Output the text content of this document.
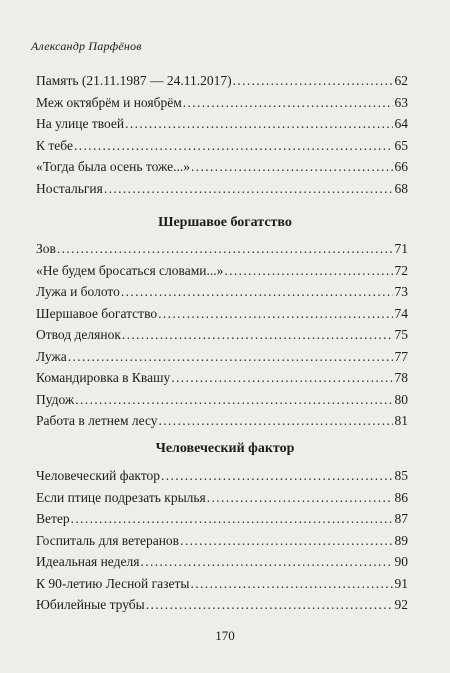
Александр Парфёнов
Память (21.11.1987 — 24.11.2017) . . .	62
Меж октябрём и ноябрём . . .	63
На улице твоей . . .	64
К тебе . . .	65
«Тогда была осень тоже...» . . .	66
Ностальгия . . .	68
Шершавое богатство
Зов . . .	71
«Не будем бросаться словами...» . . .	72
Лужа и болото . . .	73
Шершавое богатство . . .	74
Отвод делянок . . .	75
Лужа . . .	77
Командировка в Квашу . . .	78
Пудож . . .	80
Работа в летнем лесу . . .	81
Человеческий фактор
Человеческий фактор . . .	85
Если птице подрезать крылья . . .	86
Ветер . . .	87
Госпиталь для ветеранов . . .	89
Идеальная неделя . . .	90
К 90-летию Лесной газеты . . .	91
Юбилейные трубы . . .	92
170
